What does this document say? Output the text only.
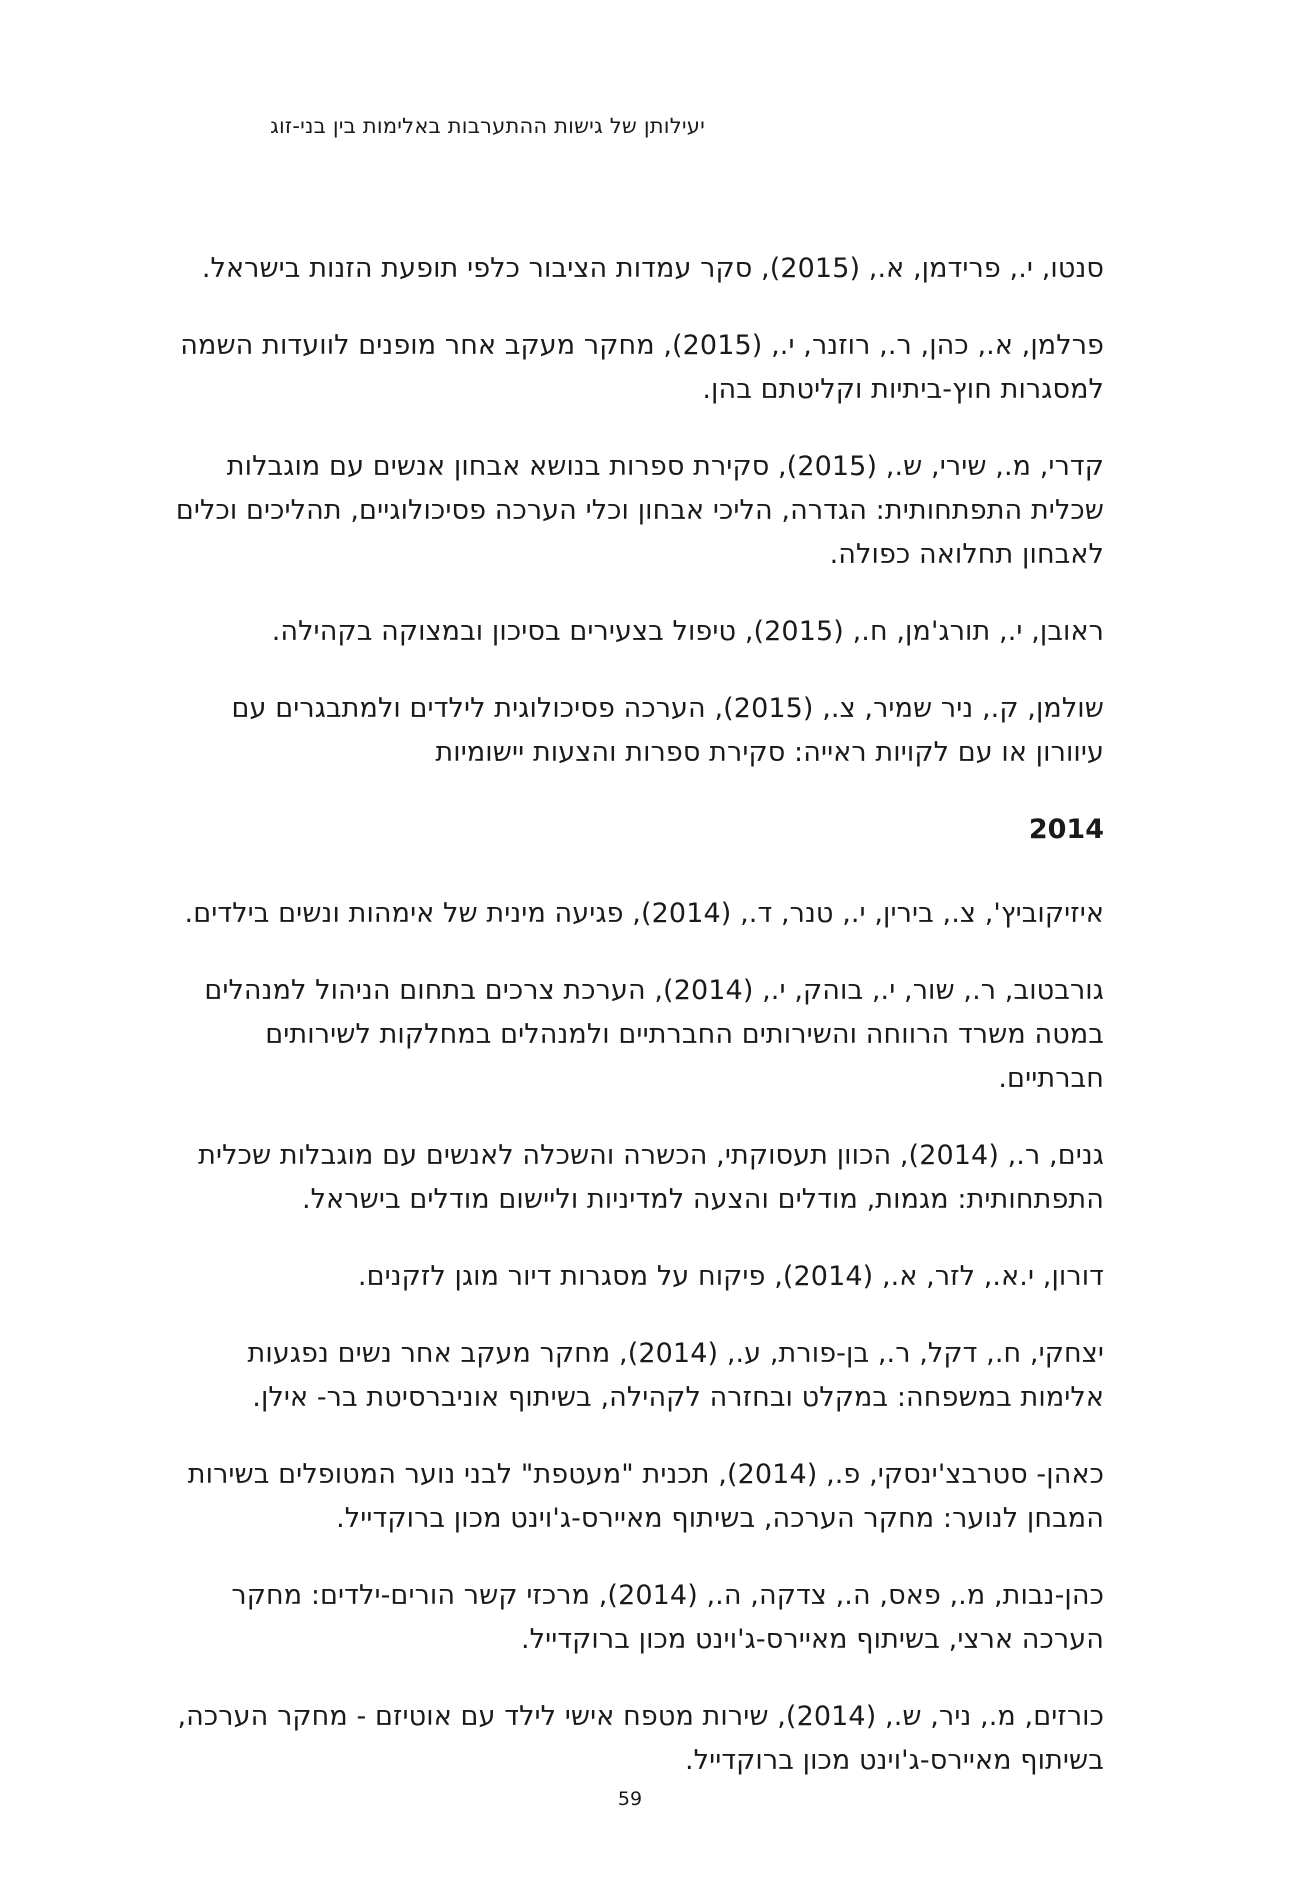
יעילותן של גישות ההתערבות באלימות בין בני-זוג

סנטו, י., פרידמן, א., (2015), סקר עמדות הציבור כלפי תופעת הזנות בישראל.

פרלמן, א., כהן, ר., רוזנר, י., (2015), מחקר מעקב אחר מופנים לוועדות השמה למסגרות חוץ-ביתיות וקליטתם בהן.

קדרי, מ., שירי, ש., (2015), סקירת ספרות בנושא אבחון אנשים עם מוגבלות שכלית התפתחותית: הגדרה, הליכי אבחון וכלי הערכה פסיכולוגיים, תהליכים וכלים לאבחון תחלואה כפולה.

ראובן, י., תורג'מן, ח., (2015), טיפול בצעירים בסיכון ובמצוקה בקהילה.

שולמן, ק., ניר שמיר, צ., (2015), הערכה פסיכולוגית לילדים ולמתבגרים עם עיוורון או עם לקויות ראייה: סקירת ספרות והצעות יישומיות

2014

איזיקוביץ', צ., בירין, י., טנר, ד., (2014), פגיעה מינית של אימהות ונשים בילדים.

גורבטוב, ר., שור, י., בוהק, י., (2014), הערכת צרכים בתחום הניהול למנהלים במטה משרד הרווחה והשירותים החברתיים ולמנהלים במחלקות לשירותים חברתיים.

גנים, ר., (2014), הכוון תעסוקתי, הכשרה והשכלה לאנשים עם מוגבלות שכלית התפתחותית: מגמות, מודלים והצעה למדיניות וליישום מודלים בישראל.

דורון, י.א., לזר, א., (2014), פיקוח על מסגרות דיור מוגן לזקנים.

יצחקי, ח., דקל, ר., בן-פורת, ע., (2014), מחקר מעקב אחר נשים נפגעות אלימות במשפחה: במקלט ובחזרה לקהילה, בשיתוף אוניברסיטת בר- אילן.

כאהן- סטרבצ'ינסקי, פ., (2014), תכנית "מעטפת" לבני נוער המטופלים בשירות המבחן לנוער: מחקר הערכה, בשיתוף מאיירס-ג'וינט מכון ברוקדייל.

כהן-נבות, מ., פאס, ה., צדקה, ה., (2014), מרכזי קשר הורים-ילדים: מחקר הערכה ארצי, בשיתוף מאיירס-ג'וינט מכון ברוקדייל.

כורזים, מ., ניר, ש., (2014), שירות מטפח אישי לילד עם אוטיזם - מחקר הערכה, בשיתוף מאיירס-ג'וינט מכון ברוקדייל.

59
